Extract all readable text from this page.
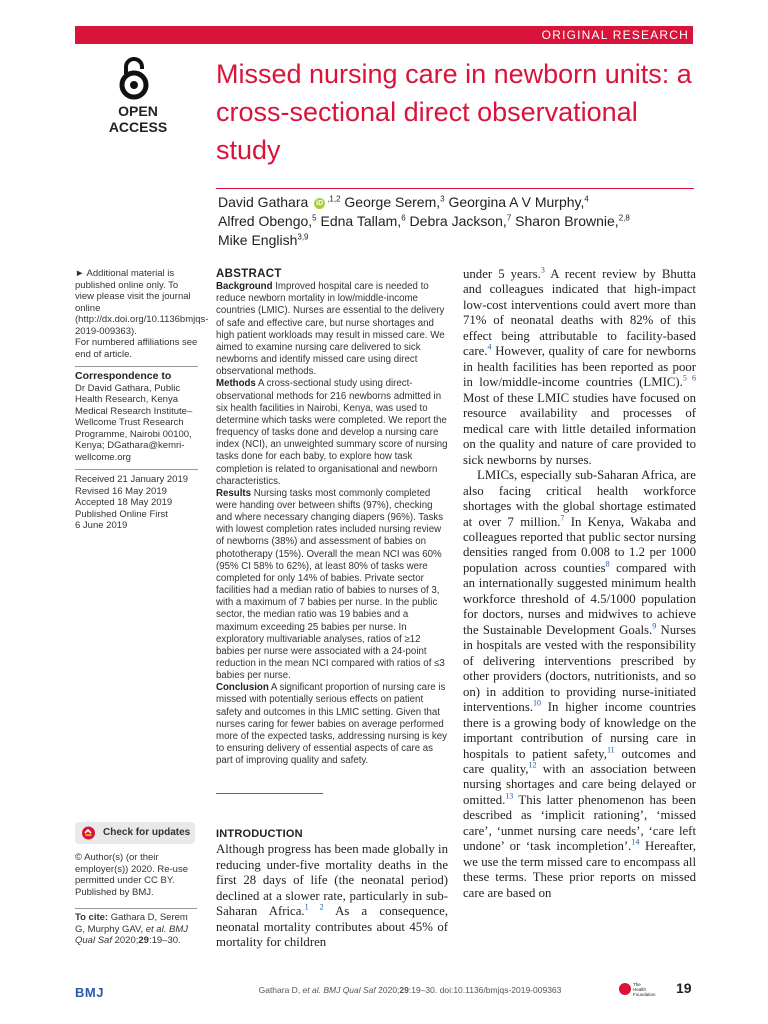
ORIGINAL RESEARCH
OPEN ACCESS
Missed nursing care in newborn units: a cross-sectional direct observational study
David Gathara iD $^{,1,2}$ George Serem,$^3$ Georgina A V Murphy,$^4$
Alfred Obengo,$^5$ Edna Tallam,$^6$ Debra Jackson,$^7$ Sharon Brownie,$^{2,8}$
Mike English$^{3,9}$

► Additional material is published online only. To view please visit the journal online (http://dx.doi.org/10.1136bmjqs-2019-009363).

For numbered affiliations see end of article.

Correspondence to

Dr David Gathara, Public Health Research, Kenya Medical Research Institute–Wellcome Trust Research Programme, Nairobi 00100, Kenya; DGathara@kemri-wellcome.org

Received 21 January 2019

Revised 16 May 2019

Accepted 18 May 2019

Published Online First

6 June 2019

Check for updates
© Author(s) (or their employer(s)) 2020. Re-use permitted under CC BY. Published by BMJ.
To cite: Gathara D, Serem G, Murphy GAV, et al. BMJ Qual Saf 2020;29:19–30.

ABSTRACT

Background Improved hospital care is needed to reduce newborn mortality in low/middle-income countries (LMIC). Nurses are essential to the delivery of safe and effective care, but nurse shortages and high patient workloads may result in missed care. We aimed to examine nursing care delivered to sick newborns and identify missed care using direct observational methods.

Methods A cross-sectional study using direct-observational methods for 216 newborns admitted in six health facilities in Nairobi, Kenya, was used to determine which tasks were completed. We report the frequency of tasks done and develop a nursing care index (NCI), an unweighted summary score of nursing tasks done for each baby, to explore how task completion is related to organisational and newborn characteristics.

Results Nursing tasks most commonly completed were handing over between shifts (97%), checking and where necessary changing diapers (96%). Tasks with lowest completion rates included nursing review of newborns (38%) and assessment of babies on phototherapy (15%). Overall the mean NCI was 60% (95% CI 58% to 62%), at least 80% of tasks were completed for only 14% of babies. Private sector facilities had a median ratio of babies to nurses of 3, with a maximum of 7 babies per nurse. In the public sector, the median ratio was 19 babies and a maximum exceeding 25 babies per nurse. In exploratory multivariable analyses, ratios of ≥12 babies per nurse were associated with a 24-point reduction in the mean NCI compared with ratios of ≤3 babies per nurse.

Conclusion A significant proportion of nursing care is missed with potentially serious effects on patient safety and outcomes in this LMIC setting. Given that nurses caring for fewer babies on average performed more of the expected tasks, addressing nursing is key to ensuring delivery of essential aspects of care as part of improving quality and safety.

INTRODUCTION
Although progress has been made globally in reducing under-five mortality deaths in the first 28 days of life (the neonatal period) declined at a slower rate, particularly in sub-Saharan Africa.$^{1 2}$ As a consequence, neonatal mortality contributes about 45% of mortality for children

under 5 years.$^3$ A recent review by Bhutta and colleagues indicated that high-impact low-cost interventions could avert more than 71% of neonatal deaths with 82% of this effect being attributable to facility-based care.$^4$ However, quality of care for newborns in health facilities has been reported as poor in low/middle-income countries (LMIC).$^{5 6}$ Most of these LMIC studies have focused on resource availability and processes of medical care with little detailed information on the quality and nature of care provided to sick newborns by nurses.

LMICs, especially sub-Saharan Africa, are also facing critical health workforce shortages with the global shortage estimated at over 7 million.$^7$ In Kenya, Wakaba and colleagues reported that public sector nursing densities ranged from 0.008 to 1.2 per 1000 population across counties$^8$ compared with an internationally suggested minimum health workforce threshold of 4.5/1000 population for doctors, nurses and midwives to achieve the Sustainable Development Goals.$^9$ Nurses in hospitals are vested with the responsibility of delivering interventions prescribed by other providers (doctors, nutritionists, and so on) in addition to providing nurse-initiated interventions.$^{10}$ In higher income countries there is a growing body of knowledge on the important contribution of nursing care in hospitals to patient safety,$^{11}$ outcomes and care quality,$^{12}$ with an association between nursing shortages and care being delayed or omitted.$^{13}$ This latter phenomenon has been described as ‘implicit rationing’, ‘missed care’, ‘unmet nursing care needs’, ‘care left undone’ or ‘task incompletion’.$^{14}$ Hereafter, we use the term missed care to encompass all these terms. These prior reports on missed care are based on

BMJ	Gathara D, et al. BMJ Qual Saf 2020;29:19–30. doi:10.1136/bmjqs-2019-009363
The
Health
Foundation 19
